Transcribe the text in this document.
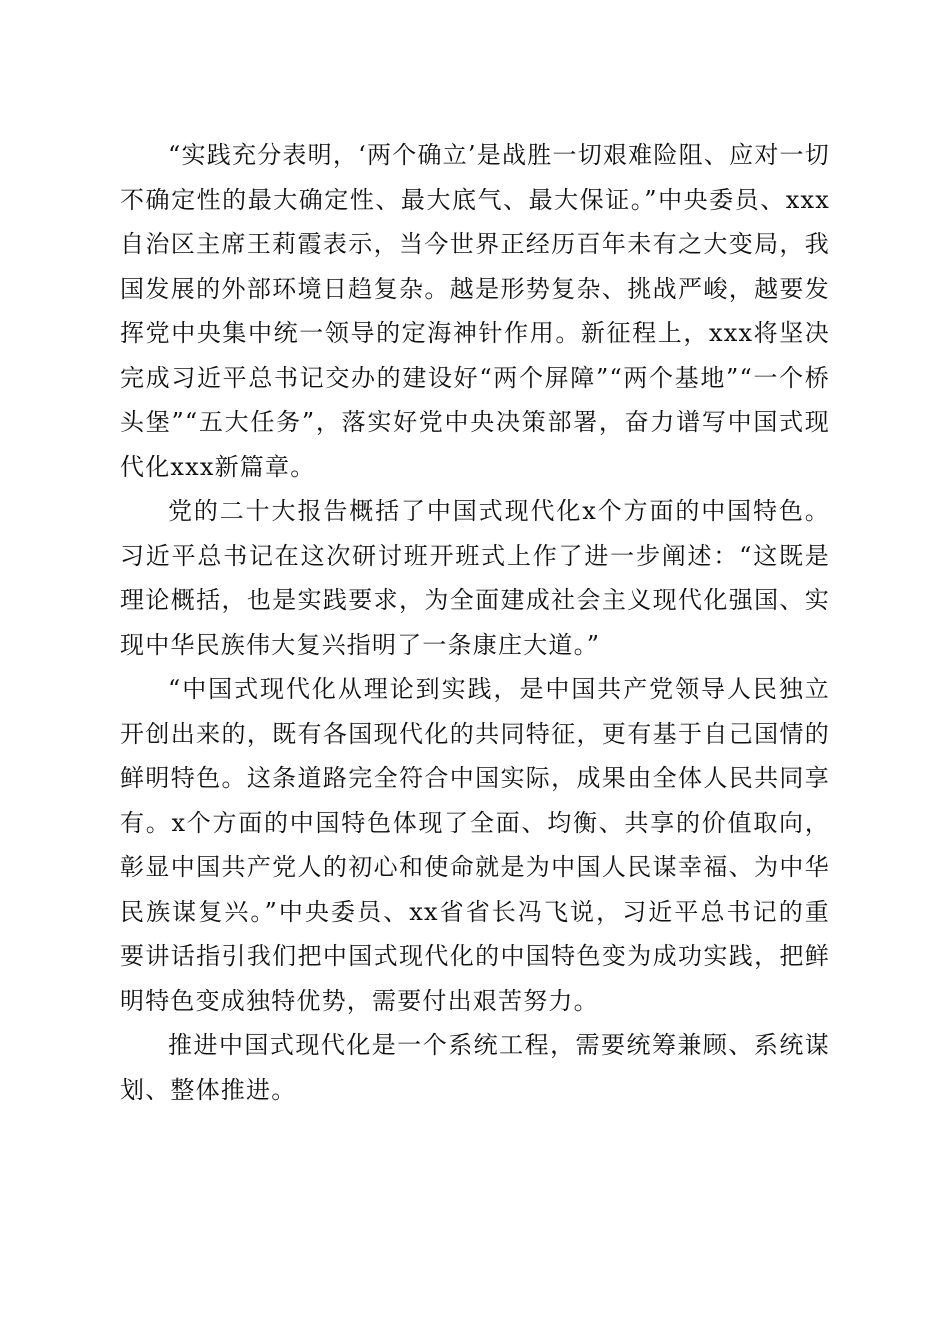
“实践充分表明，‘两个确立’是战胜一切艰难险阻、应对一切不确定性的最大确定性、最大底气、最大保证。”中央委员、xxx自治区主席王莉霞表示，当今世界正经历百年未有之大变局，我国发展的外部环境日趋复杂。越是形势复杂、挑战严峻，越要发挥党中央集中统一领导的定海神针作用。新征程上，xxx将坚决完成习近平总书记交办的建设好“两个屏障”“两个基地”“一个桥头堡”“五大任务”，落实好党中央决策部署，奋力谱写中国式现代化xxx新篇章。

党的二十大报告概括了中国式现代化x个方面的中国特色。习近平总书记在这次研讨班开班式上作了进一步阐述：“这既是理论概括，也是实践要求，为全面建成社会主义现代化强国、实现中华民族伟大复兴指明了一条康庄大道。”

“中国式现代化从理论到实践，是中国共产党领导人民独立开创出来的，既有各国现代化的共同特征，更有基于自己国情的鲜明特色。这条道路完全符合中国实际，成果由全体人民共同享有。x个方面的中国特色体现了全面、均衡、共享的价值取向，彰显中国共产党人的初心和使命就是为中国人民谋幸福、为中华民族谋复兴。”中央委员、xx省省长冯飞说，习近平总书记的重要讲话指引我们把中国式现代化的中国特色变为成功实践，把鲜明特色变成独特优势，需要付出艰苦努力。

推进中国式现代化是一个系统工程，需要统筹兼顾、系统谋划、整体推进。
